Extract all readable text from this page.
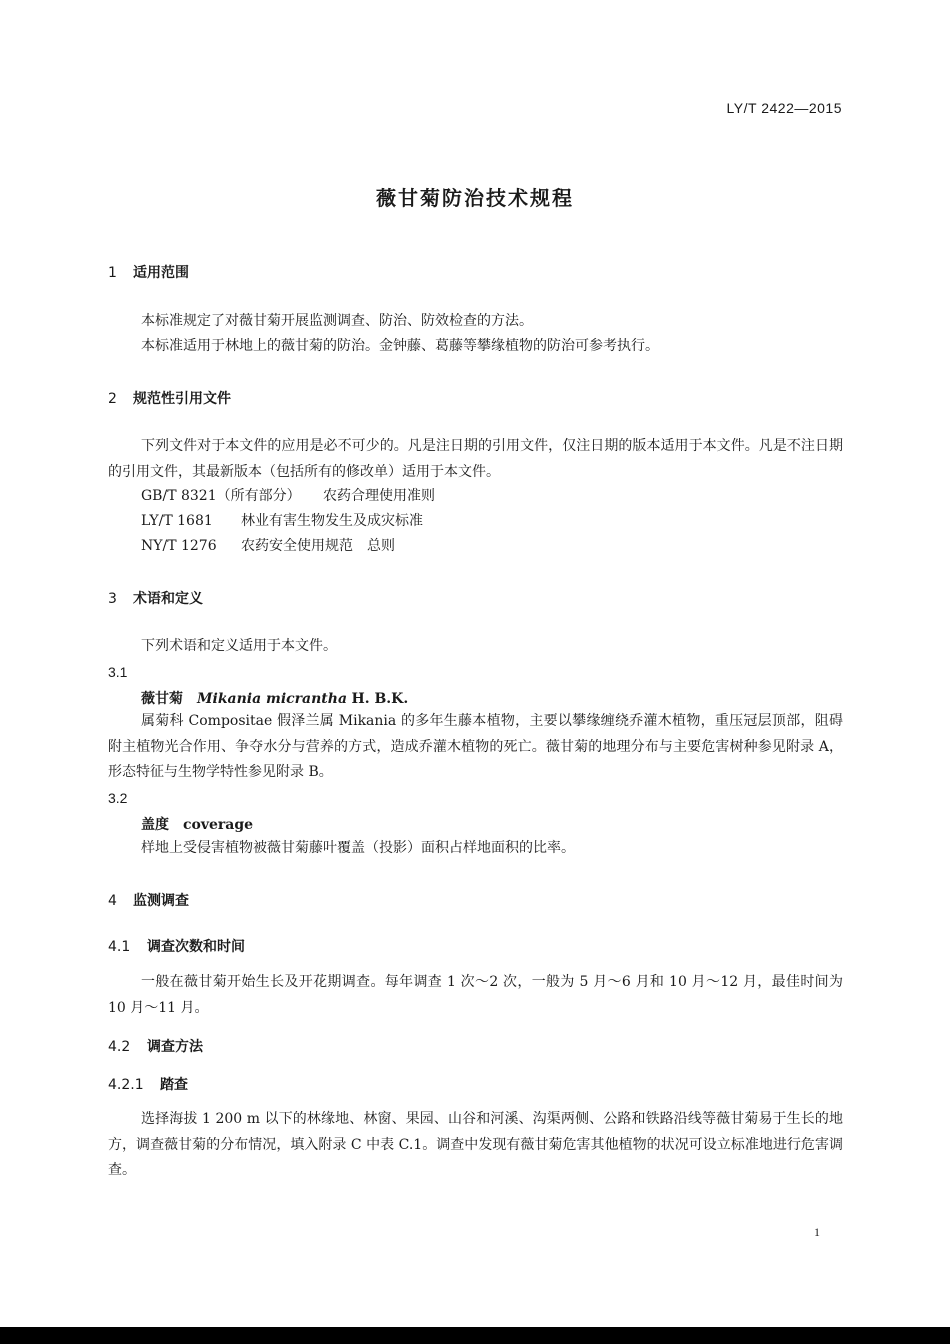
LY/T 2422—2015
薇甘菊防治技术规程
1 适用范围
本标准规定了对薇甘菊开展监测调查、防治、防效检查的方法。
本标准适用于林地上的薇甘菊的防治。金钟藤、葛藤等攀缘植物的防治可参考执行。
2 规范性引用文件
下列文件对于本文件的应用是必不可少的。凡是注日期的引用文件，仅注日期的版本适用于本文件。凡是不注日期的引用文件，其最新版本（包括所有的修改单）适用于本文件。
GB/T 8321（所有部分） 农药合理使用准则
LY/T 1681 林业有害生物发生及成灾标准
NY/T 1276 农药安全使用规范　总则
3 术语和定义
下列术语和定义适用于本文件。
3.1
薇甘菊 Mikania micrantha H. B.K.
属菊科 Compositae 假泽兰属 Mikania 的多年生藤本植物，主要以攀缘缠绕乔灌木植物，重压冠层顶部，阻碍附主植物光合作用、争夺水分与营养的方式，造成乔灌木植物的死亡。薇甘菊的地理分布与主要危害树种参见附录 A，形态特征与生物学特性参见附录 B。
3.2
盖度 coverage
样地上受侵害植物被薇甘菊藤叶覆盖（投影）面积占样地面积的比率。
4 监测调查
4.1 调查次数和时间
一般在薇甘菊开始生长及开花期调查。每年调查 1 次～2 次，一般为 5 月～6 月和 10 月～12 月，最佳时间为 10 月～11 月。
4.2 调查方法
4.2.1 踏查
选择海拔 1 200 m 以下的林缘地、林窗、果园、山谷和河溪、沟渠两侧、公路和铁路沿线等薇甘菊易于生长的地方，调查薇甘菊的分布情况，填入附录 C 中表 C.1。调查中发现有薇甘菊危害其他植物的状况可设立标准地进行危害调查。
1
